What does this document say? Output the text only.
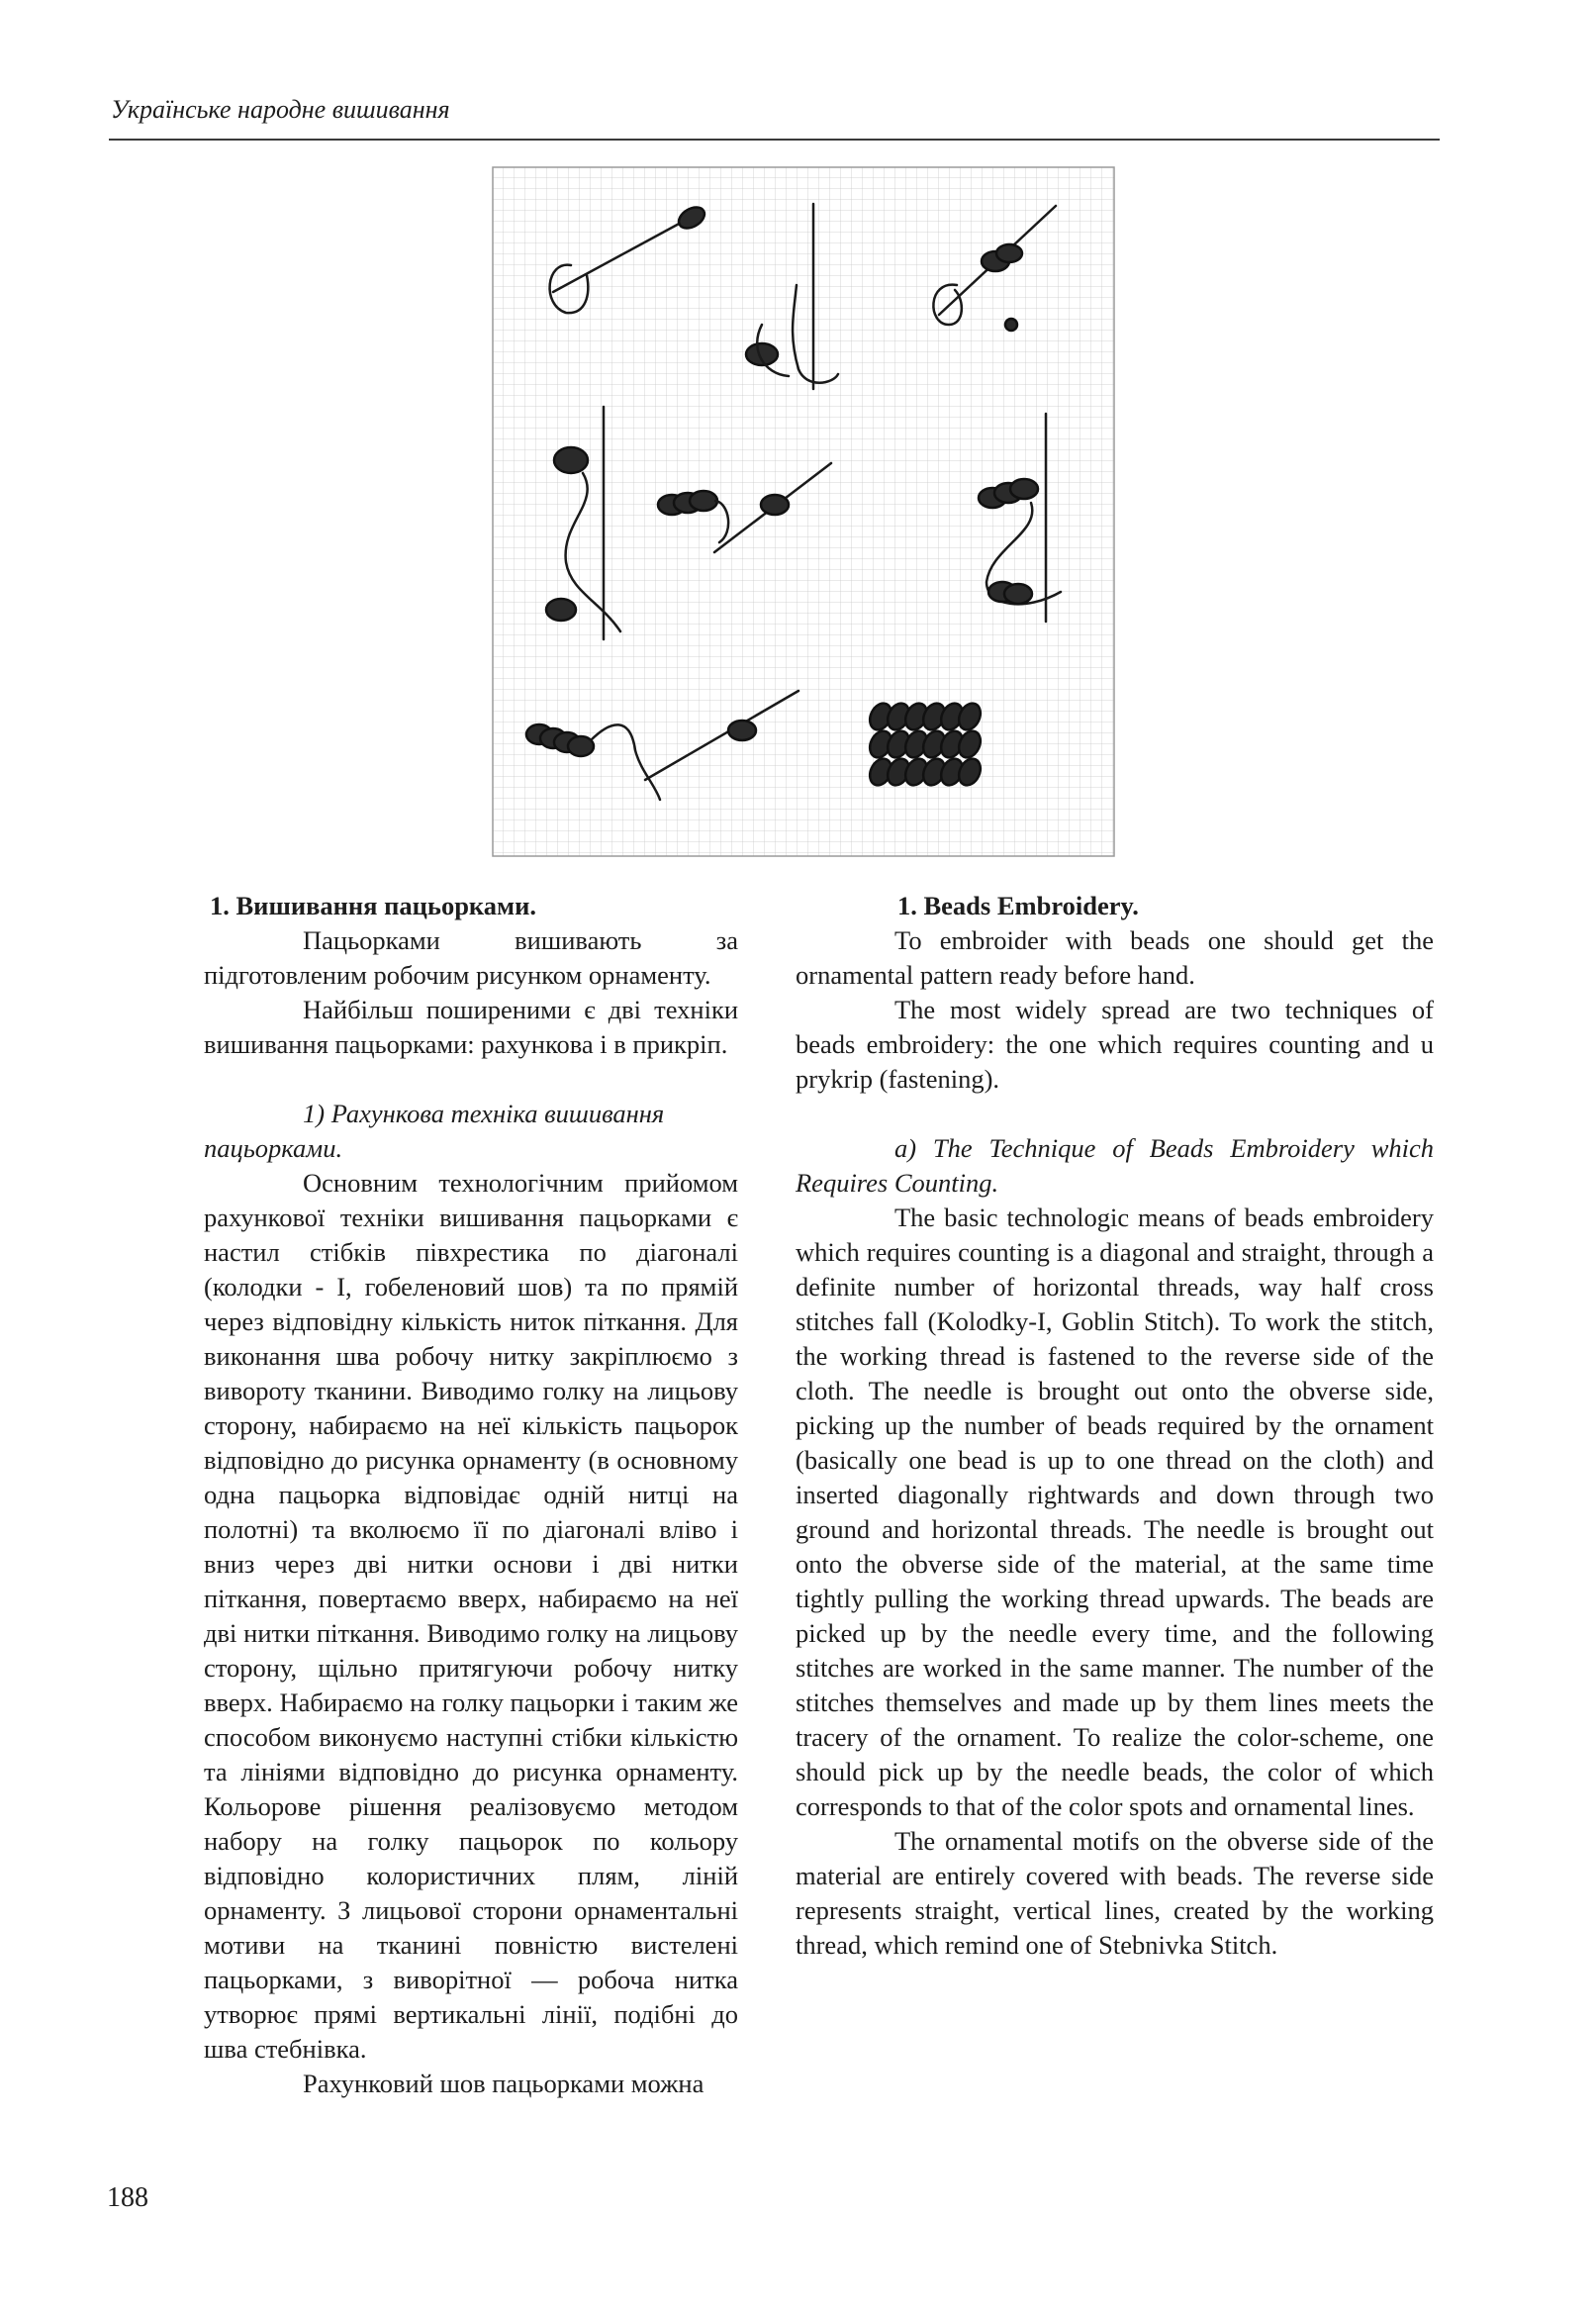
Українське народне вишивання
1. Вишивання пацьорками.

Пацьорками вишивають за підготовленим робочим рисунком орнаменту.

Найбільш поширеними є дві техніки вишивання пацьорками: рахункова і в прикріп.

1) Рахункова техніка вишивання пацьорками.

Основним технологічним прийомом рахункової техніки вишивання пацьорками є настил стібків півхрестика по діагоналі (колодки - І, гобеленовий шов) та по прямій через відповідну кількість ниток піткання. Для виконання шва робочу нитку закріплюємо з вивороту тканини. Виводимо голку на лицьову сторону, набираємо на неї кількість пацьорок відповідно до рисунка орнаменту (в основному одна пацьорка відповідає одній нитці на полотні) та вколюємо її по діагоналі вліво і вниз через дві нитки основи і дві нитки піткання, повертаємо вверх, набираємо на неї дві нитки піткання. Виводимо голку на лицьову сторону, щільно притягуючи робочу нитку вверх. Набираємо на голку пацьорки і таким же способом виконуємо наступні стібки кількістю та лініями відповідно до рисунка орнаменту. Кольорове рішення реалізовуємо методом набору на голку пацьорок по кольору відповідно колористичних плям, ліній орнаменту. З лицьової сторони орнаментальні мотиви на тканині повністю вистелені пацьорками, з виворітної — робоча нитка утворює прямі вертикальні лінії, подібні до шва стебнівка.

Рахунковий шов пацьорками можна

1. Beads Embroidery.

To embroider with beads one should get the ornamental pattern ready before hand.

The most widely spread are two techniques of beads embroidery: the one which requires counting and u prykrip (fastening).

a) The Technique of Beads Embroidery which Requires Counting.

The basic technologic means of beads embroidery which requires counting is a diagonal and straight, through a definite number of horizontal threads, way half cross stitches fall (Kolodky-I, Goblin Stitch). To work the stitch, the working thread is fastened to the reverse side of the cloth. The needle is brought out onto the obverse side, picking up the number of beads required by the ornament (basically one bead is up to one thread on the cloth) and inserted diagonally rightwards and down through two ground and horizontal threads. The needle is brought out onto the obverse side of the material, at the same time tightly pulling the working thread upwards. The beads are picked up by the needle every time, and the following stitches are worked in the same manner. The number of the stitches themselves and made up by them lines meets the tracery of the ornament. To realize the color-scheme, one should pick up by the needle beads, the color of which corresponds to that of the color spots and ornamental lines.

The ornamental motifs on the obverse side of the material are entirely covered with beads. The reverse side represents straight, vertical lines, created by the working thread, which remind one of Stebnivka Stitch.

188
